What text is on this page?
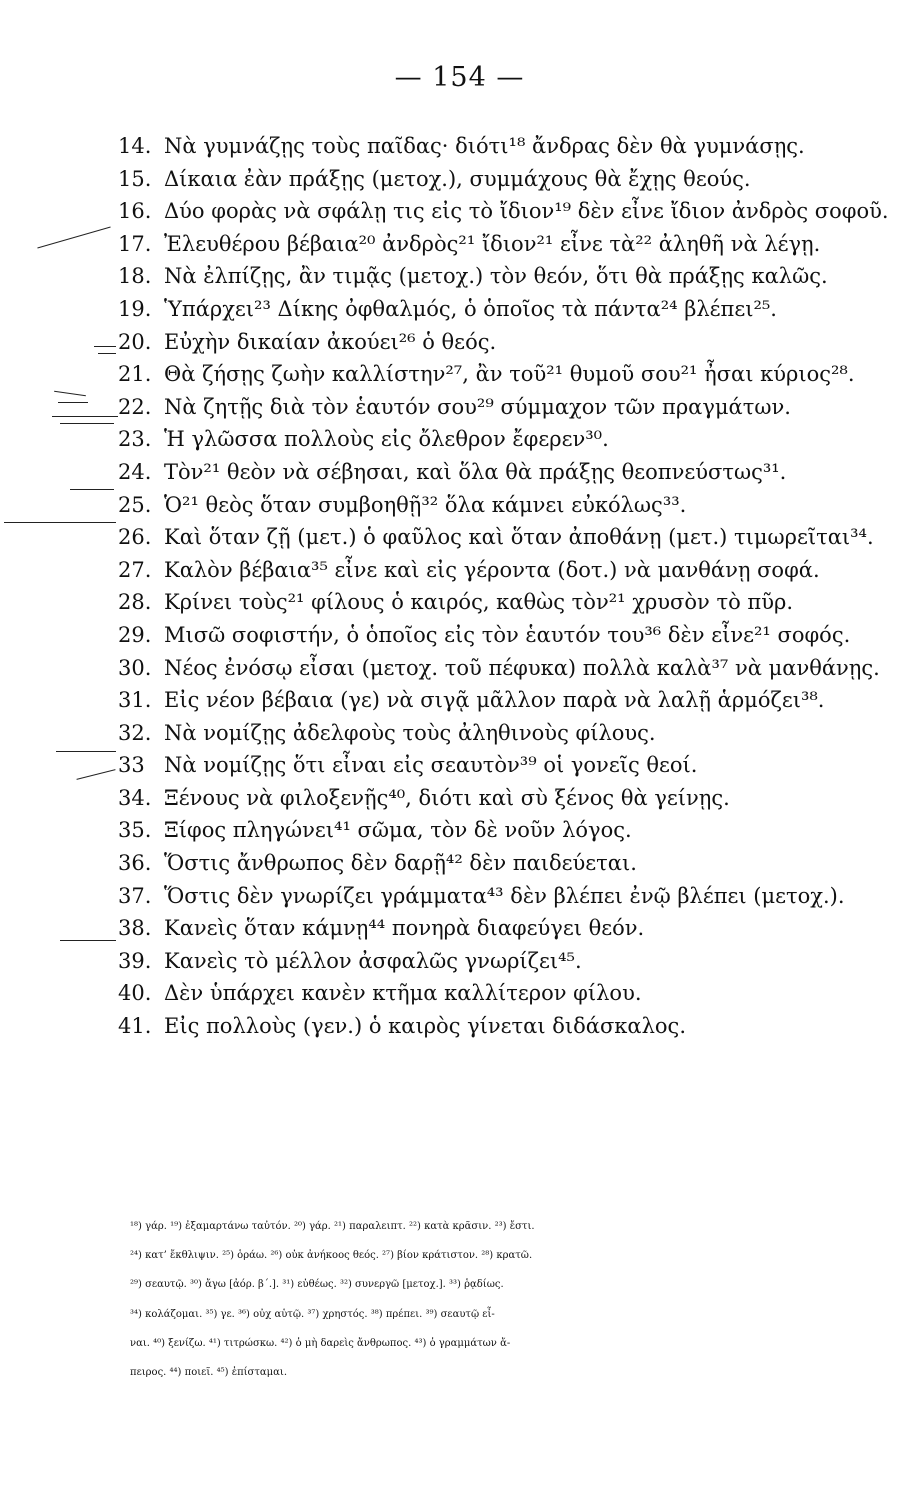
— 154 —
14. Νὰ γυμνάζῃς τοὺς παῖδας· διότι¹⁸ ἄνδρας δὲν θὰ γυμνάσῃς.
15. Δίκαια ἐὰν πράξῃς (μετοχ.), συμμάχους θὰ ἔχῃς θεούς.
16. Δύο φορὰς νὰ σφάλῃ τις εἰς τὸ ἴδιον¹⁹ δὲν εἶνε ἴδιον ἀνδρὸς σοφοῦ.
17. Ἐλευθέρου βέβαια²⁰ ἀνδρὸς²¹ ἴδιον²¹ εἶνε τὰ²² ἀληθῆ νὰ λέγῃ.
18. Νὰ ἐλπίζῃς, ἂν τιμᾷς (μετοχ.) τὸν θεόν, ὅτι θὰ πράξῃς καλῶς.
19. Ὑπάρχει²³ Δίκης ὀφθαλμός, ὁ ὁποῖος τὰ πάντα²⁴ βλέπει²⁵.
20. Εὐχὴν δικαίαν ἀκούει²⁶ ὁ θεός.
21. Θὰ ζήσῃς ζωὴν καλλίστην²⁷, ἂν τοῦ²¹ θυμοῦ σου²¹ ἦσαι κύριος²⁸.
22. Νὰ ζητῇς διὰ τὸν ἑαυτόν σου²⁹ σύμμαχον τῶν πραγμάτων.
23. Ἡ γλῶσσα πολλοὺς εἰς ὄλεθρον ἔφερεν³⁰.
24. Τὸν²¹ θεὸν νὰ σέβησαι, καὶ ὅλα θὰ πράξῃς θεοπνεύστως³¹.
25. Ὁ²¹ θεὸς ὅταν συμβοηθῇ³² ὅλα κάμνει εὐκόλως³³.
26. Καὶ ὅταν ζῇ (μετ.) ὁ φαῦλος καὶ ὅταν ἀποθάνῃ (μετ.) τιμωρεῖται³⁴.
27. Καλὸν βέβαια³⁵ εἶνε καὶ εἰς γέροντα (δοτ.) νὰ μανθάνῃ σοφά.
28. Κρίνει τοὺς²¹ φίλους ὁ καιρός, καθὼς τὸν²¹ χρυσὸν τὸ πῦρ.
29. Μισῶ σοφιστήν, ὁ ὁποῖος εἰς τὸν ἑαυτόν του³⁶ δὲν εἶνε²¹ σοφός.
30. Νέος ἐνόσῳ εἶσαι (μετοχ. τοῦ πέφυκα) πολλὰ καλὰ³⁷ νὰ μανθάνῃς.
31. Εἰς νέον βέβαια (γε) νὰ σιγᾷ μᾶλλον παρὰ νὰ λαλῇ ἁρμόζει³⁸.
32. Νὰ νομίζῃς ἀδελφοὺς τοὺς ἀληθινοὺς φίλους.
33 Νὰ νομίζῃς ὅτι εἶναι εἰς σεαυτὸν³⁹ οἱ γονεῖς θεοί.
34. Ξένους νὰ φιλοξενῇς⁴⁰, διότι καὶ σὺ ξένος θὰ γείνῃς.
35. Ξίφος πληγώνει⁴¹ σῶμα, τὸν δὲ νοῦν λόγος.
36. Ὅστις ἄνθρωπος δὲν δαρῇ⁴² δὲν παιδεύεται.
37. Ὅστις δὲν γνωρίζει γράμματα⁴³ δὲν βλέπει ἐνῷ βλέπει (μετοχ.).
38. Κανεὶς ὅταν κάμνῃ⁴⁴ πονηρὰ διαφεύγει θεόν.
39. Κανεὶς τὸ μέλλον ἀσφαλῶς γνωρίζει⁴⁵.
40. Δὲν ὑπάρχει κανὲν κτῆμα καλλίτερον φίλου.
41. Εἰς πολλοὺς (γεν.) ὁ καιρὸς γίνεται διδάσκαλος.
¹⁸) γάρ. ¹⁹) ἐξαμαρτάνω ταὐτόν. ²⁰) γάρ. ²¹) παραλειπτ. ²²) κατὰ κρᾶσιν. ²³) ἔστι.
²⁴) κατ’ ἔκθλιψιν. ²⁵) ὁράω. ²⁶) οὐκ ἀνήκοος θεός. ²⁷) βίον κράτιστον. ²⁸) κρατῶ.
²⁹) σεαυτῷ. ³⁰) ἄγω [ἀόρ. β΄.]. ³¹) εὐθέως. ³²) συνεργῶ [μετοχ.]. ³³) ῥᾳδίως.
³⁴) κολάζομαι. ³⁵) γε. ³⁶) οὐχ αὑτῷ. ³⁷) χρηστός. ³⁸) πρέπει. ³⁹) σεαυτῷ εἶ-
ναι. ⁴⁰) ξενίζω. ⁴¹) τιτρώσκω. ⁴²) ὁ μὴ δαρεὶς ἄνθρωπος. ⁴³) ὁ γραμμάτων ἄ-
πειρος. ⁴⁴) ποιεῖ. ⁴⁵) ἐπίσταμαι.
